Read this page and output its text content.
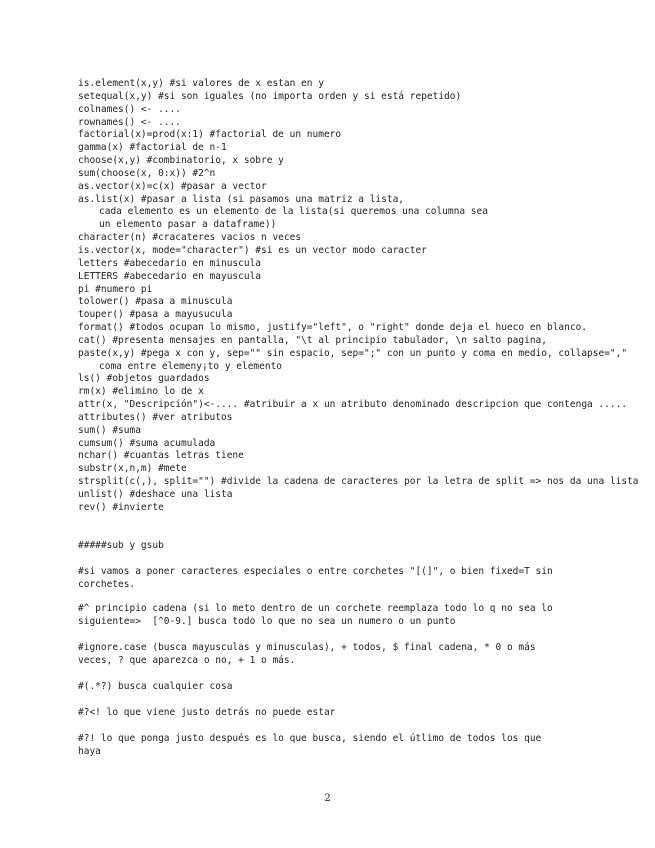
is.element(x,y) #si valores de x estan en y
setequal(x,y) #si son iguales (no importa orden y si está repetido)
colnames() <- ....
rownames() <- ....
factorial(x)=prod(x:1) #factorial de un numero
gamma(x) #factorial de n-1
choose(x,y) #combinatorio, x sobre y
sum(choose(x, 0:x)) #2^n
as.vector(x)=c(x) #pasar a vector
as.list(x) #pasar a lista (si pasamos una matriz a lista,
cada elemento es un elemento de la lista(si queremos una columna sea
un elemento pasar a dataframe))
character(n) #cracateres vacios n veces
is.vector(x, mode="character") #si es un vector modo caracter
letters #abecedario en minuscula
LETTERS #abecedario en mayuscula
pi #numero pi
tolower() #pasa a minuscula
touper() #pasa a mayusucula
format() #todos ocupan lo mismo, justify="left", o "right" donde deja el hueco en blanco.
cat() #presenta mensajes en pantalla, "\t al principio tabulador, \n salto pagina,
paste(x,y) #pega x con y, sep="" sin espacio, sep=";" con un punto y coma en medio, collapse=","
coma entre elemeny¡to y elemento
ls() #objetos guardados
rm(x) #elimino lo de x
attr(x, "Descripción")<-.... #atribuir a x un atributo denominado descripcion que contenga .....
attributes() #ver atributos
sum() #suma
cumsum() #suma acumulada
nchar() #cuantas letras tiene
substr(x,n,m) #mete
strsplit(c(,), split="") #divide la cadena de caracteres por la letra de split => nos da una lista
unlist() #deshace una lista
rev() #invierte
#####sub y gsub
#si vamos a poner caracteres especiales o entre corchetes "[(]", o bien fixed=T sin
corchetes.
#^ principio cadena (si lo meto dentro de un corchete reemplaza todo lo q no sea lo
siguiente=>  [^0-9.] busca todo lo que no sea un numero o un punto
#ignore.case (busca mayusculas y minusculas), + todos, $ final cadena, * 0 o más
veces, ? que aparezca o no, + 1 o más.
#(.*?) busca cualquier cosa
#?<! lo que viene justo detrás no puede estar
#?! lo que ponga justo después es lo que busca, siendo el útlimo de todos los que
haya
2
